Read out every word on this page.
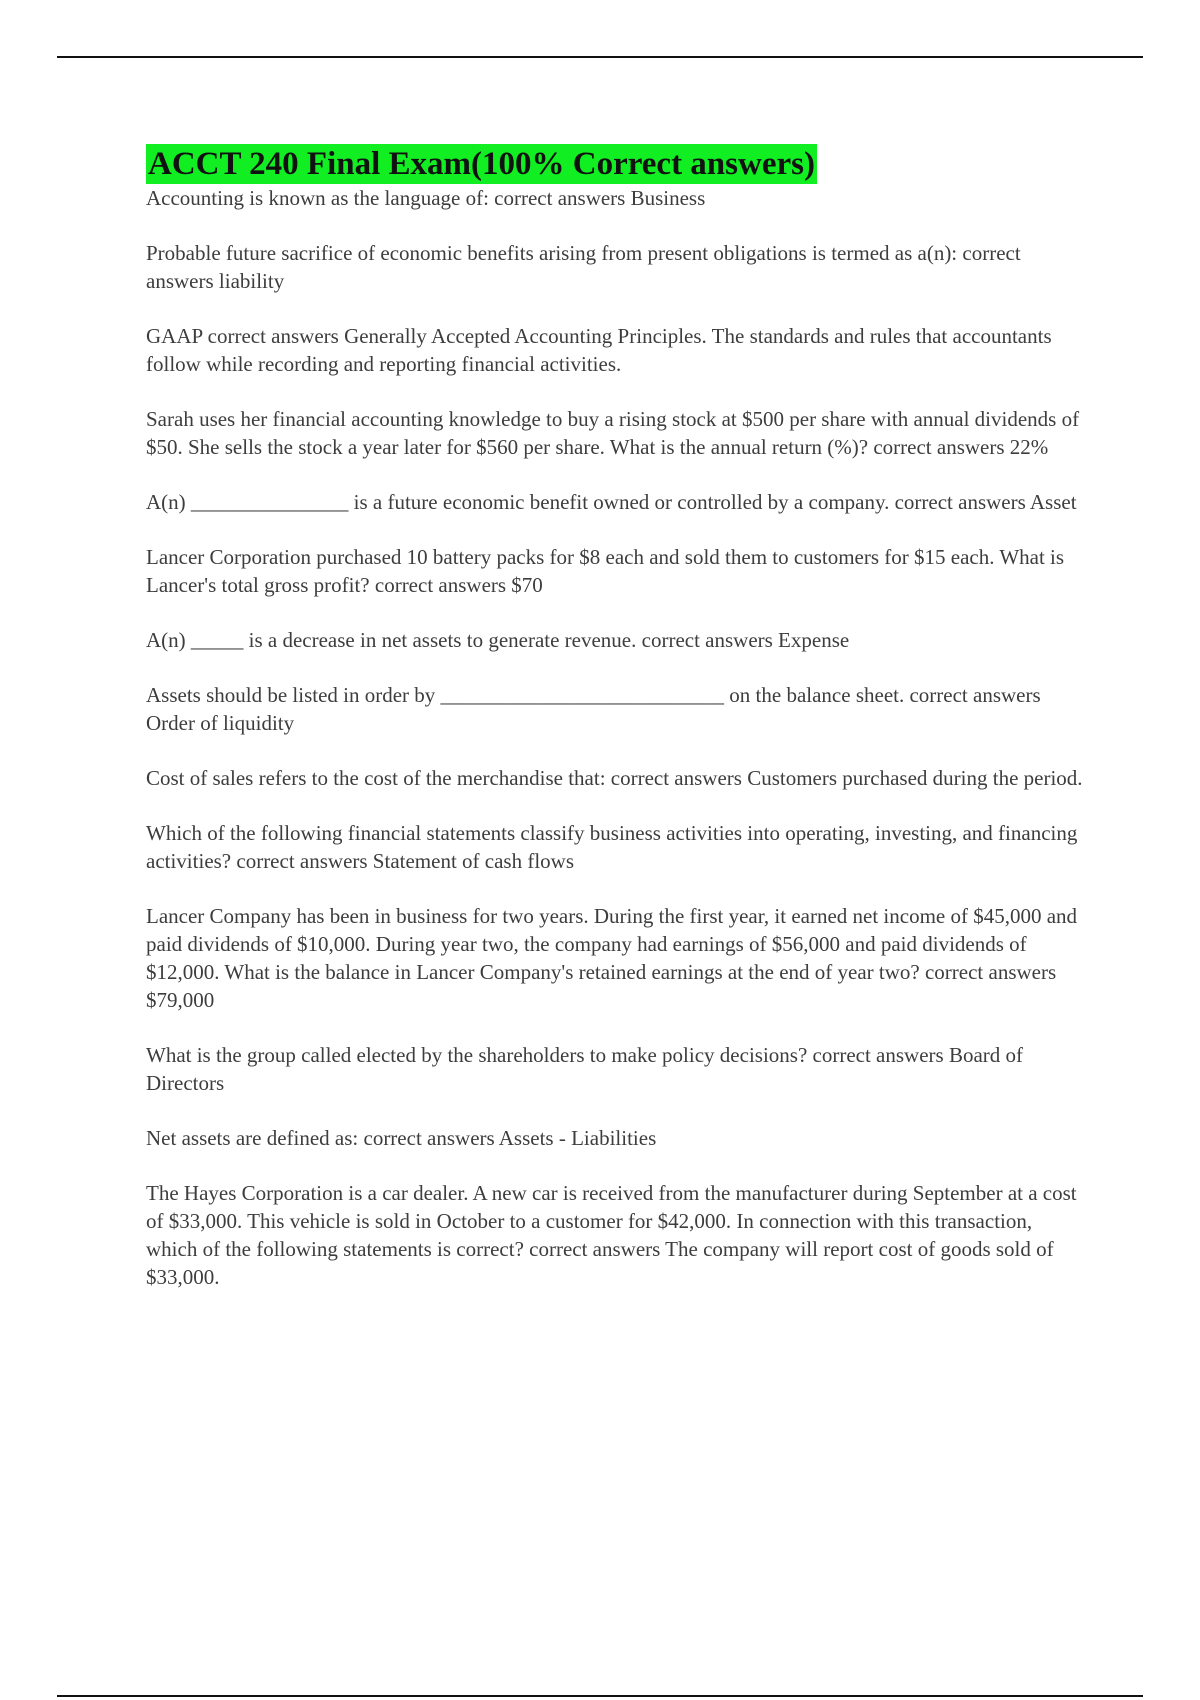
ACCT 240 Final Exam(100% Correct answers)

Accounting is known as the language of: correct answers Business

Probable future sacrifice of economic benefits arising from present obligations is termed as a(n): correct answers liability

GAAP correct answers Generally Accepted Accounting Principles. The standards and rules that accountants follow while recording and reporting financial activities.

Sarah uses her financial accounting knowledge to buy a rising stock at $500 per share with annual dividends of $50. She sells the stock a year later for $560 per share. What is the annual return (%)? correct answers 22%

A(n) _______________ is a future economic benefit owned or controlled by a company. correct answers Asset

Lancer Corporation purchased 10 battery packs for $8 each and sold them to customers for $15 each. What is Lancer's total gross profit? correct answers $70

A(n) _____ is a decrease in net assets to generate revenue. correct answers Expense

Assets should be listed in order by ___________________________ on the balance sheet. correct answers Order of liquidity

Cost of sales refers to the cost of the merchandise that: correct answers Customers purchased during the period.

Which of the following financial statements classify business activities into operating, investing, and financing activities? correct answers Statement of cash flows

Lancer Company has been in business for two years. During the first year, it earned net income of $45,000 and paid dividends of $10,000. During year two, the company had earnings of $56,000 and paid dividends of $12,000. What is the balance in Lancer Company's retained earnings at the end of year two? correct answers $79,000

What is the group called elected by the shareholders to make policy decisions? correct answers Board of Directors

Net assets are defined as: correct answers Assets - Liabilities

The Hayes Corporation is a car dealer. A new car is received from the manufacturer during September at a cost of $33,000. This vehicle is sold in October to a customer for $42,000. In connection with this transaction, which of the following statements is correct? correct answers The company will report cost of goods sold of $33,000.
